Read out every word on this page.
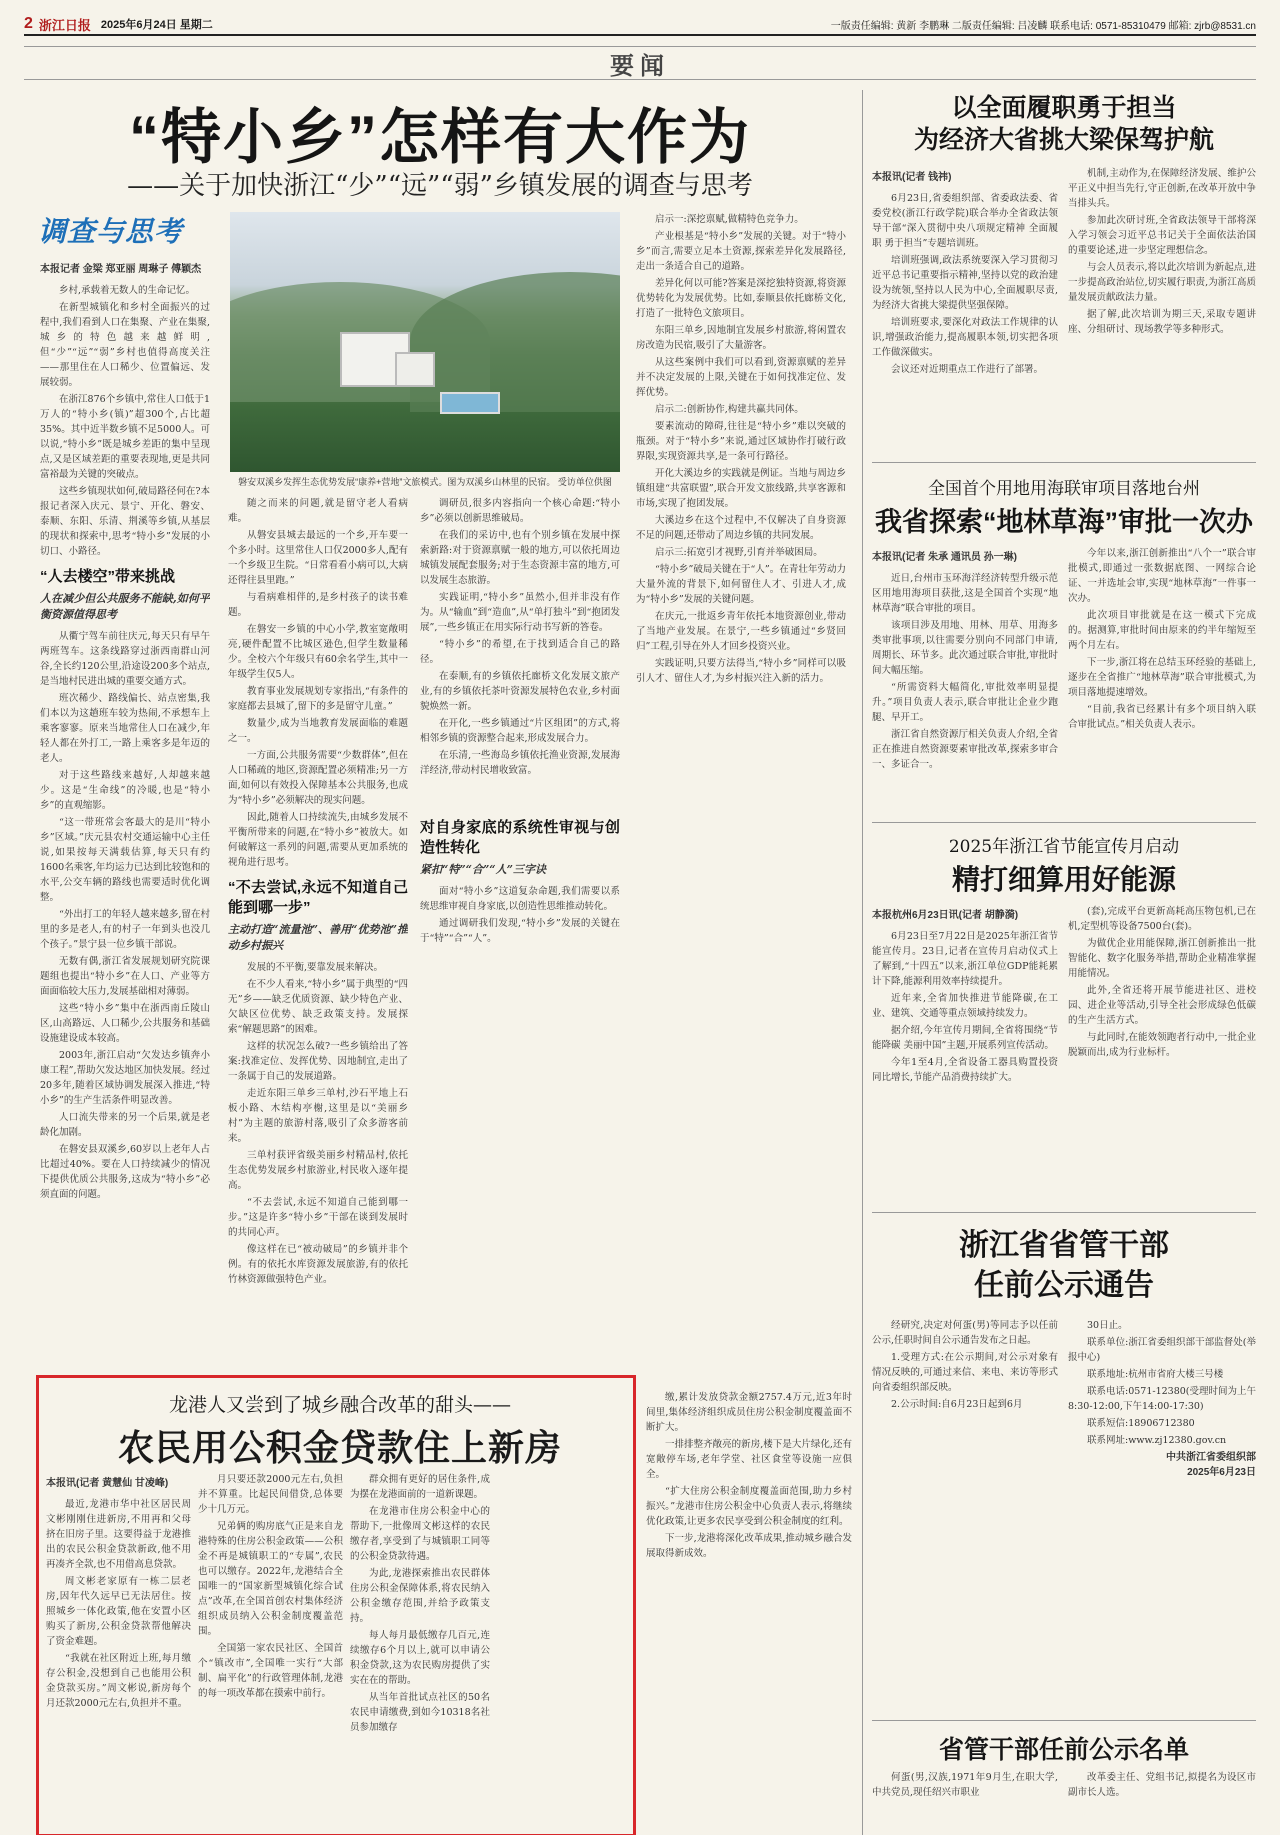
2 浙江日报 2025年6月24日 星期二	一版责任编辑: 黄新 李鹏琳 二版责任编辑: 吕凌麟 联系电话: 0571-85310479 邮箱: zjrb@8531.cn
要闻
“特小乡”怎样有大作为
——关于加快浙江“少”“远”“弱”乡镇发展的调查与思考
调查与思考
磐安双溪乡发挥生态优势发展“康养+营地”文旅模式。图为双溪乡山林里的民宿。 受访单位供图
本报记者 金梁 郑亚丽 周琳子 傅颖杰

乡村,承载着无数人的生命记忆。

在新型城镇化和乡村全面振兴的过程中,我们看到人口在集聚、产业在集聚,城乡的特色越来越鲜明,但“少”“远”“弱”乡村也值得高度关注——那里住在人口稀少、位置偏远、发展较弱。

在浙江876个乡镇中,常住人口低于1万人的“特小乡(镇)”超300个,占比超35%。其中近半数乡镇不足5000人。可以说,“特小乡”既是城乡差距的集中呈现点,又是区域差距的重要表现地,更是共同富裕最为关键的突破点。

这些乡镇现状如何,破局路径何在?本报记者深入庆元、景宁、开化、磐安、泰顺、东阳、乐清、荆溪等乡镇,从基层的现状和探索中,思考“特小乡”发展的小切口、小路径。

“人去楼空”带来挑战
人在减少但公共服务不能缺,如何平衡资源值得思考

从衢宁驾车前往庆元,每天只有早午两班驾车。这条线路穿过浙西南群山河谷,全长约120公里,沿途设200多个站点,是当地村民进出城的重要交通方式。

班次稀少、路线偏长、站点密集,我们本以为这趟班车较为热闹,不承想车上乘客寥寥。原来当地常住人口在减少,年轻人都在外打工,一路上乘客多是年迈的老人。

对于这些路线来越好,人却越来越少。这是“生命线”的冷暖,也是“特小乡”的直观缩影。

“这一带班常会客最大的是川“特小乡”区域。”庆元县农村交通运输中心主任说,如果按每天满载估算,每天只有约1600名乘客,年均运力已达到比较饱和的水平,公交车辆的路线也需要适时优化调整。

“外出打工的年轻人越来越多,留在村里的多是老人,有的村子一年到头也没几个孩子。”景宁县一位乡镇干部说。

无数有偶,浙江省发展规划研究院课题组也提出“特小乡”在人口、产业等方面面临较大压力,发展基础相对薄弱。

这些“特小乡”集中在浙西南丘陵山区,山高路远、人口稀少,公共服务和基础设施建设成本较高。

2003年,浙江启动“欠发达乡镇奔小康工程”,帮助欠发达地区加快发展。经过20多年,随着区域协调发展深入推进,“特小乡”的生产生活条件明显改善。

人口流失带来的另一个后果,就是老龄化加剧。

在磐安县双溪乡,60岁以上老年人占比超过40%。要在人口持续减少的情况下提供优质公共服务,这成为“特小乡”必须直面的问题。

随之而来的问题,就是留守老人看病难。

从磐安县城去最远的一个乡,开车要一个多小时。这里常住人口仅2000多人,配有一个乡级卫生院。“日常看看小病可以,大病还得往县里跑。”

与看病难相伴的,是乡村孩子的读书难题。

在磐安一乡镇的中心小学,教室宽敞明亮,硬件配置不比城区逊色,但学生数量稀少。全校六个年级只有60余名学生,其中一年级学生仅5人。

教育事业发展规划专家指出,“有条件的家庭都去县城了,留下的多是留守儿童。”

数量少,成为当地教育发展面临的难题之一。

一方面,公共服务需要“少数群体”,但在人口稀疏的地区,资源配置必须精准;另一方面,如何以有效投入保障基本公共服务,也成为“特小乡”必须解决的现实问题。

因此,随着人口持续流失,由城乡发展不平衡所带来的问题,在“特小乡”被放大。如何破解这一系列的问题,需要从更加系统的视角进行思考。

“不去尝试,永远不知道自己能到哪一步”
主动打造“流量池”、善用“优势池”推动乡村振兴

发展的不平衡,要靠发展来解决。

在不少人看来,“特小乡”属于典型的“四无”乡——缺乏优质资源、缺少特色产业、欠缺区位优势、缺乏政策支持。发展探索“解题思路”的困难。

这样的状况怎么破?一些乡镇给出了答案:找准定位、发挥优势、因地制宜,走出了一条属于自己的发展道路。

走近东阳三单乡三单村,沙石平地上石板小路、木结构亭榭,这里是以“美丽乡村”为主题的旅游村落,吸引了众多游客前来。

三单村获评省级美丽乡村精品村,依托生态优势发展乡村旅游业,村民收入逐年提高。

“不去尝试,永远不知道自己能到哪一步。”这是许多“特小乡”干部在谈到发展时的共同心声。

像这样在已“被动破局”的乡镇并非个例。有的依托水库资源发展旅游,有的依托竹林资源做强特色产业。

调研员,很多内容指向一个核心命题:“特小乡”必须以创新思维破局。

在我们的采访中,也有个别乡镇在发展中探索新路:对于资源禀赋一般的地方,可以依托周边城镇发展配套服务;对于生态资源丰富的地方,可以发展生态旅游。

实践证明,“特小乡”虽然小,但并非没有作为。从“输血”到“造血”,从“单打独斗”到“抱团发展”,一些乡镇正在用实际行动书写新的答卷。

“特小乡”的希望,在于找到适合自己的路径。

在泰顺,有的乡镇依托廊桥文化发展文旅产业,有的乡镇依托茶叶资源发展特色农业,乡村面貌焕然一新。

在开化,一些乡镇通过“片区组团”的方式,将相邻乡镇的资源整合起来,形成发展合力。

在乐清,一些海岛乡镇依托渔业资源,发展海洋经济,带动村民增收致富。

对自身家底的系统性审视与创造性转化
紧扣“特”“合”“人”三字诀

面对“特小乡”这道复杂命题,我们需要以系统思维审视自身家底,以创造性思维推动转化。

通过调研我们发现,“特小乡”发展的关键在于“特”“合”“人”。

启示一:深挖禀赋,做精特色竞争力。

产业根基是“特小乡”发展的关键。对于“特小乡”而言,需要立足本土资源,探索差异化发展路径,走出一条适合自己的道路。

差异化何以可能?答案是深挖独特资源,将资源优势转化为发展优势。比如,泰顺县依托廊桥文化,打造了一批特色文旅项目。

东阳三单乡,因地制宜发展乡村旅游,将闲置农房改造为民宿,吸引了大量游客。

从这些案例中我们可以看到,资源禀赋的差异并不决定发展的上限,关键在于如何找准定位、发挥优势。

启示二:创新协作,构建共赢共同体。

要素流动的障碍,往往是“特小乡”难以突破的瓶颈。对于“特小乡”来说,通过区域协作打破行政界限,实现资源共享,是一条可行路径。

开化大溪边乡的实践就是例证。当地与周边乡镇组建“共富联盟”,联合开发文旅线路,共享客源和市场,实现了抱团发展。

大溪边乡在这个过程中,不仅解决了自身资源不足的问题,还带动了周边乡镇的共同发展。

启示三:拓宽引才视野,引育并举破困局。

“特小乡”破局关键在于“人”。在青壮年劳动力大量外流的背景下,如何留住人才、引进人才,成为“特小乡”发展的关键问题。

在庆元,一批返乡青年依托本地资源创业,带动了当地产业发展。在景宁,一些乡镇通过“乡贤回归”工程,引导在外人才回乡投资兴业。

实践证明,只要方法得当,“特小乡”同样可以吸引人才、留住人才,为乡村振兴注入新的活力。

以全面履职勇于担当
为经济大省挑大梁保驾护航
本报讯(记者 钱祎)

6月23日,省委组织部、省委政法委、省委党校(浙江行政学院)联合举办全省政法领导干部“深入贯彻中央八项规定精神 全面履职 勇于担当”专题培训班。

培训班强调,政法系统要深入学习贯彻习近平总书记重要指示精神,坚持以党的政治建设为统领,坚持以人民为中心,全面履职尽责,为经济大省挑大梁提供坚强保障。

培训班要求,要深化对政法工作规律的认识,增强政治能力,提高履职本领,切实把各项工作做深做实。

会议还对近期重点工作进行了部署。

机制,主动作为,在保障经济发展、维护公平正义中担当先行,守正创新,在改革开放中争当排头兵。

参加此次研讨班,全省政法领导干部将深入学习领会习近平总书记关于全面依法治国的重要论述,进一步坚定理想信念。

与会人员表示,将以此次培训为新起点,进一步提高政治站位,切实履行职责,为浙江高质量发展贡献政法力量。

据了解,此次培训为期三天,采取专题讲座、分组研讨、现场教学等多种形式。

全国首个用地用海联审项目落地台州
我省探索“地林草海”审批一次办
本报讯(记者 朱承 通讯员 孙一琳)

近日,台州市玉环海洋经济转型升级示范区用地用海项目获批,这是全国首个实现“地林草海”联合审批的项目。

该项目涉及用地、用林、用草、用海多类审批事项,以往需要分别向不同部门申请,周期长、环节多。此次通过联合审批,审批时间大幅压缩。

“所需资料大幅简化,审批效率明显提升。”项目负责人表示,联合审批让企业少跑腿、早开工。

浙江省自然资源厅相关负责人介绍,全省正在推进自然资源要素审批改革,探索多审合一、多证合一。

今年以来,浙江创新推出“八个一”联合审批模式,即通过一张数据底图、一网综合论证、一并选址会审,实现“地林草海”一件事一次办。

此次项目审批就是在这一模式下完成的。据测算,审批时间由原来的约半年缩短至两个月左右。

下一步,浙江将在总结玉环经验的基础上,逐步在全省推广“地林草海”联合审批模式,为项目落地提速增效。

“目前,我省已经累计有多个项目纳入联合审批试点。”相关负责人表示。

2025年浙江省节能宣传月启动
精打细算用好能源
本报杭州6月23日讯(记者 胡静漪)

6月23日至7月22日是2025年浙江省节能宣传月。23日,记者在宣传月启动仪式上了解到,“十四五”以来,浙江单位GDP能耗累计下降,能源利用效率持续提升。

近年来,全省加快推进节能降碳,在工业、建筑、交通等重点领域持续发力。

据介绍,今年宣传月期间,全省将围绕“节能降碳 美丽中国”主题,开展系列宣传活动。

今年1至4月,全省设备工器具购置投资同比增长,节能产品消费持续扩大。

(套),完成平台更新高耗高压物包机,已在机,定型机等设备7500台(套)。

为做优企业用能保障,浙江创新推出一批智能化、数字化服务举措,帮助企业精准掌握用能情况。

此外,全省还将开展节能进社区、进校园、进企业等活动,引导全社会形成绿色低碳的生产生活方式。

与此同时,在能效领跑者行动中,一批企业脱颖而出,成为行业标杆。

浙江省省管干部
任前公示通告

经研究,决定对何蛋(男)等同志予以任前公示,任职时间自公示通告发布之日起。

1.受理方式:在公示期间,对公示对象有情况反映的,可通过来信、来电、来访等形式向省委组织部反映。

2.公示时间:自6月23日起到6月

30日止。

联系单位:浙江省委组织部干部监督处(举报中心)

联系地址:杭州市省府大楼三号楼

联系电话:0571-12380(受理时间为上午8:30-12:00,下午14:00-17:30)

联系短信:18906712380

联系网址:www.zj12380.gov.cn

中共浙江省委组织部
2025年6月23日
省管干部任前公示名单

何蛋(男,汉族,1971年9月生,在职大学,中共党员,现任绍兴市职业

改革委主任、党组书记,拟提名为设区市副市长人选。

龙港人又尝到了城乡融合改革的甜头——
农民用公积金贷款住上新房
本报讯(记者 黄慧仙 甘凌峰)

最近,龙港市华中社区居民周文彬刚刚住进新房,不用再和父母挤在旧房子里。这要得益于龙港推出的农民公积金贷款新政,他不用再凑齐全款,也不用借高息贷款。

周文彬老家原有一栋二层老房,因年代久远早已无法居住。按照城乡一体化政策,他在安置小区购买了新房,公积金贷款帮他解决了资金难题。

“我就在社区附近上班,每月缴存公积金,没想到自己也能用公积金贷款买房。”周文彬说,新房每个月还款2000元左右,负担并不重。

月只要还款2000元左右,负担并不算重。比起民间借贷,总体要少十几万元。

兄弟俩的购房底气正是来自龙港特殊的住房公积金政策——公积金不再是城镇职工的“专属”,农民也可以缴存。2022年,龙港结合全国唯一的“国家新型城镇化综合试点”改革,在全国首创农村集体经济组织成员纳入公积金制度覆盖范围。

全国第一家农民社区、全国首个“镇改市”,全国唯一实行“大部制、扁平化”的行政管理体制,龙港的每一项改革都在摸索中前行。

群众拥有更好的居住条件,成为摆在龙港面前的一道新课题。

在龙港市住房公积金中心的帮助下,一批像周文彬这样的农民缴存者,享受到了与城镇职工同等的公积金贷款待遇。

为此,龙港探索推出农民群体住房公积金保障体系,将农民纳入公积金缴存范围,并给予政策支持。

每人每月最低缴存几百元,连续缴存6个月以上,就可以申请公积金贷款,这为农民购房提供了实实在在的帮助。

从当年首批试点社区的50名农民申请缴费,到如今10318名社员参加缴存

缴,累计发放贷款金额2757.4万元,近3年时间里,集体经济组织成员住房公积金制度覆盖面不断扩大。

一排排整齐敞亮的新房,楼下是大片绿化,还有宽敞停车场,老年学堂、社区食堂等设施一应俱全。

“扩大住房公积金制度覆盖面范围,助力乡村振兴。”龙港市住房公积金中心负责人表示,将继续优化政策,让更多农民享受到公积金制度的红利。

下一步,龙港将深化改革成果,推动城乡融合发展取得新成效。
